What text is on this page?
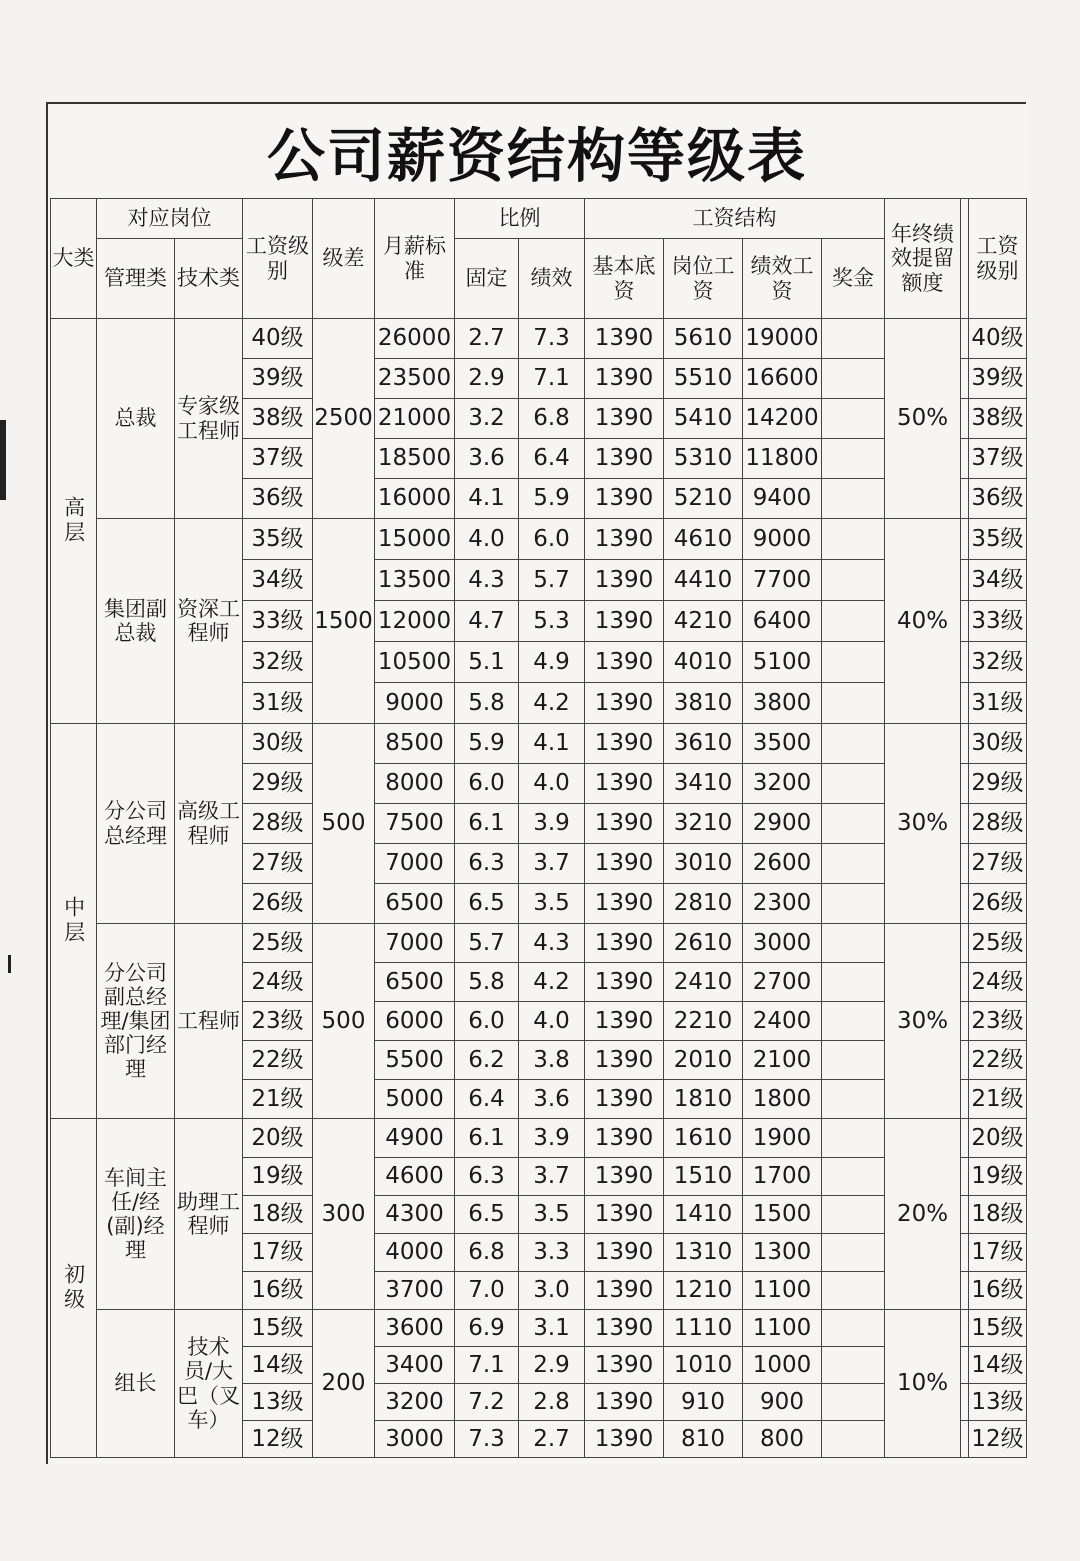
公司薪资结构等级表
大类	对应岗位		工资级别	级差	月薪标准	比例		工资结构				年终绩效提留额度		工资级别
	管理类	技术类				固定	绩效	基本底资	岗位工资	绩效工资	奖金			
高层	总裁	专家级工程师	40级	2500	26000	2.7	7.3	1390	5610	19000		50%		40级
			39级		23500	2.9	7.1	1390	5510	16600				39级
			38级		21000	3.2	6.8	1390	5410	14200				38级
			37级		18500	3.6	6.4	1390	5310	11800				37级
			36级		16000	4.1	5.9	1390	5210	9400				36级
	集团副总裁	资深工程师	35级	1500	15000	4.0	6.0	1390	4610	9000		40%		35级
			34级		13500	4.3	5.7	1390	4410	7700				34级
			33级		12000	4.7	5.3	1390	4210	6400				33级
			32级		10500	5.1	4.9	1390	4010	5100				32级
			31级		9000	5.8	4.2	1390	3810	3800				31级
中层	分公司总经理	高级工程师	30级	500	8500	5.9	4.1	1390	3610	3500		30%		30级
			29级		8000	6.0	4.0	1390	3410	3200				29级
			28级		7500	6.1	3.9	1390	3210	2900				28级
			27级		7000	6.3	3.7	1390	3010	2600				27级
			26级		6500	6.5	3.5	1390	2810	2300				26级
	分公司副总经理/集团部门经理	工程师	25级	500	7000	5.7	4.3	1390	2610	3000		30%		25级
			24级		6500	5.8	4.2	1390	2410	2700				24级
			23级		6000	6.0	4.0	1390	2210	2400				23级
			22级		5500	6.2	3.8	1390	2010	2100				22级
			21级		5000	6.4	3.6	1390	1810	1800				21级
初级	车间主任/经(副)经理	助理工程师	20级	300	4900	6.1	3.9	1390	1610	1900		20%		20级
			19级		4600	6.3	3.7	1390	1510	1700				19级
			18级		4300	6.5	3.5	1390	1410	1500				18级
			17级		4000	6.8	3.3	1390	1310	1300				17级
			16级		3700	7.0	3.0	1390	1210	1100				16级
	组长	技术员/大巴（叉车）	15级	200	3600	6.9	3.1	1390	1110	1100		10%		15级
			14级		3400	7.1	2.9	1390	1010	1000				14级
			13级		3200	7.2	2.8	1390	910	900				13级
			12级		3000	7.3	2.7	1390	810	800				12级
